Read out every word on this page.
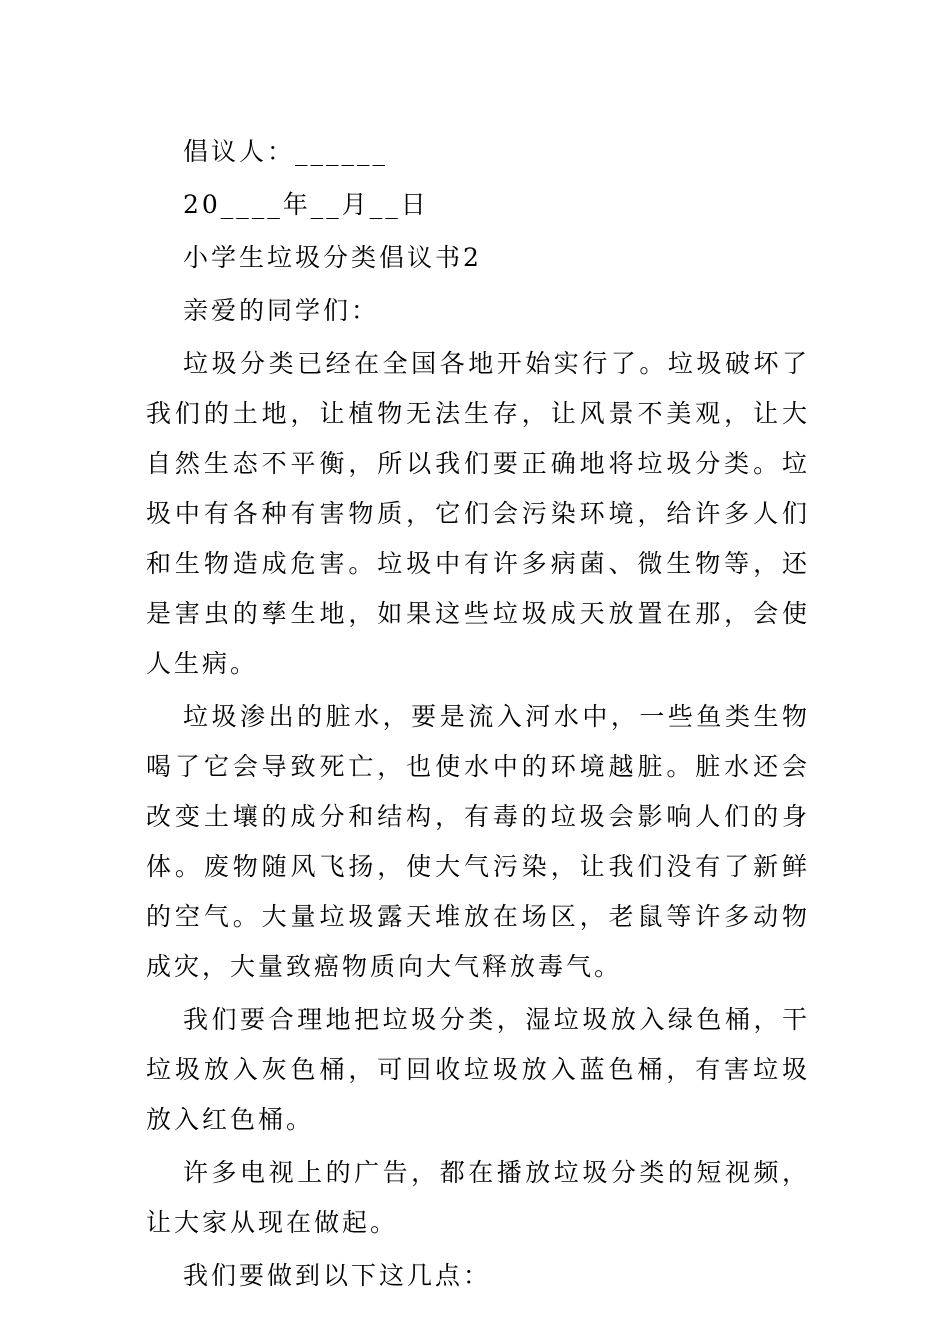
倡议人：______

20____年__月__日

小学生垃圾分类倡议书2

亲爱的同学们：

垃圾分类已经在全国各地开始实行了。垃圾破坏了我们的土地，让植物无法生存，让风景不美观，让大自然生态不平衡，所以我们要正确地将垃圾分类。垃圾中有各种有害物质，它们会污染环境，给许多人们和生物造成危害。垃圾中有许多病菌、微生物等，还是害虫的孳生地，如果这些垃圾成天放置在那，会使人生病。

垃圾渗出的脏水，要是流入河水中，一些鱼类生物喝了它会导致死亡，也使水中的环境越脏。脏水还会改变土壤的成分和结构，有毒的垃圾会影响人们的身体。废物随风飞扬，使大气污染，让我们没有了新鲜的空气。大量垃圾露天堆放在场区，老鼠等许多动物成灾，大量致癌物质向大气释放毒气。

我们要合理地把垃圾分类，湿垃圾放入绿色桶，干垃圾放入灰色桶，可回收垃圾放入蓝色桶，有害垃圾放入红色桶。

许多电视上的广告，都在播放垃圾分类的短视频，让大家从现在做起。

我们要做到以下这几点：
